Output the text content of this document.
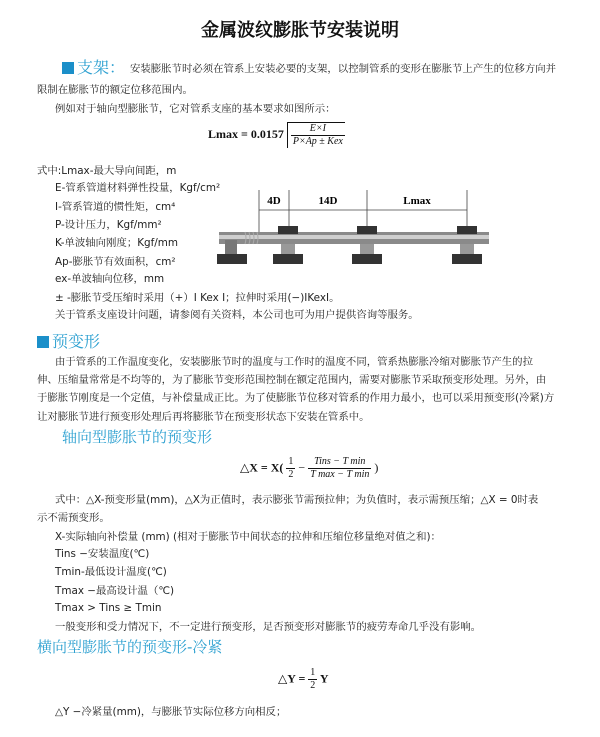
金属波纹膨胀节安装说明
支架： 安装膨胀节时必须在管系上安装必要的支架，以控制管系的变形在膨胀节上产生的位移方向并
限制在膨胀节的额定位移范围内。
例如对于轴向型膨胀节，它对管系支座的基本要求如图所示：
$Lmax = 0.0157 \frac{E\times I}{\text{P×Ap ± Kex}}$
式中:Lmax-最大导向间距，m
E-管系管道材料弹性投量，Kgf/cm²
I-管系管道的惯性矩，cm⁴
P-设计压力，Kgf/mm²
K-单波轴向刚度；Kgf/mm
Ap-膨胀节有效面积，cm²
ex-单波轴向位移，mm
± -膨胀节受压缩时采用（+）I Kex I；拉伸时采用(−)IKexI。
关于管系支座设计问题，请参阅有关资料，本公司也可为用户提供咨询等服务。
4D	14D	Lmax
预变形
由于管系的工作温度变化，安装膨胀节时的温度与工作时的温度不同，管系热膨胀冷缩对膨胀节产生的拉
伸、压缩量常常是不均等的，为了膨胀节变形范围控制在额定范围内，需要对膨胀节采取预变形处理。另外，由
于膨胀节刚度是一个定值，与补偿量成正比。为了使膨胀节位移对管系的作用力最小，也可以采用预变形(冷紧)方
让对膨胀节进行预变形处理后再将膨胀节在预变形状态下安装在管系中。
轴向型膨胀节的预变形
△X = $X( \frac{1}{2} - \frac{\text{Tins − T min}}{\text{T max − T min}}$ )
式中：△X-预变形量(mm)，△X为正值时，表示膨张节需预拉伸；为负值时，表示需预压缩；△X = 0时表
示不需预变形。
X-实际轴向补偿量 (mm) (相对于膨胀节中间状态的拉伸和压缩位移量绝对值之和)：
Tins −安装温度(℃)
Tmin-最低设计温度(℃)
Tmax −最高设计温（℃)
Tmax > Tins ≥ Tmin
一般变形和受力情况下，不一定进行预变形，足否预变形对膨胀节的疲劳寿命几乎没有影响。
横向型膨胀节的预变形-冷紧
△Y = $\frac{1}{2}$ Y
△Y −冷紧量(mm)，与膨胀节实际位移方向相反；
